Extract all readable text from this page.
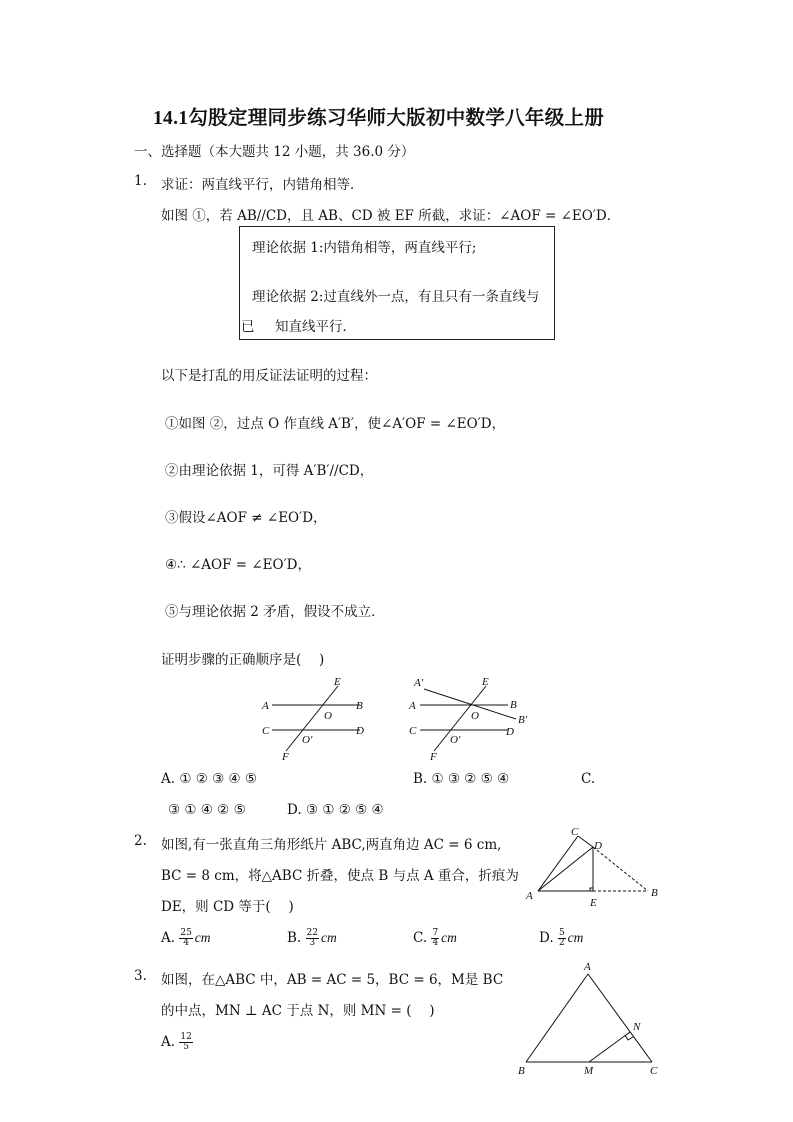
14.1勾股定理同步练习华师大版初中数学八年级上册
一、选择题（本大题共 12 小题，共 36.0 分）
1. 求证：两直线平行，内错角相等．
如图 ①，若 AB//CD，且 AB、CD 被 EF 所截，求证：∠AOF = ∠EO′D．
理论依据 1:内错角相等，两直线平行;
理论依据 2:过直线外一点，有且只有一条直线与
已 知直线平行．
以下是打乱的用反证法证明的过程：
①如图 ②，过点 O 作直线 A′B′，使∠A′OF = ∠EO′D，
②由理论依据 1，可得 A′B′//CD，
③假设∠AOF ≠ ∠EO′D，
④∴ ∠AOF = ∠EO′D，
⑤与理论依据 2 矛盾，假设不成立．
证明步骤的正确顺序是(　 )
E
A	B
O
C	D
O′
F
A′	E
A	B
O	B′
C	D
O′
F
A. ① ② ③ ④ ⑤	B. ① ③ ② ⑤ ④	C.
③ ① ④ ② ⑤	D. ③ ① ② ⑤ ④
2. 如图,有一张直角三角形纸片 ABC,两直角边 AC = 6 cm,
BC = 8 cm，将△ABC 折叠，使点 B 与点 A 重合，折痕为
DE，则 CD 等于(　 )
C
D
A
E
B
A. $\frac{25}{4}$ cm	B. $\frac{22}{3}$ cm	C. $\frac{7}{4}$ cm	D. $\frac{5}{2}$ cm
3. 如图，在△ABC 中，AB = AC = 5，BC = 6，M是 BC
的中点，MN ⊥ AC 于点 N，则 MN = (　 )
A. $\frac{12}{5}$
A
N
B	M	C
